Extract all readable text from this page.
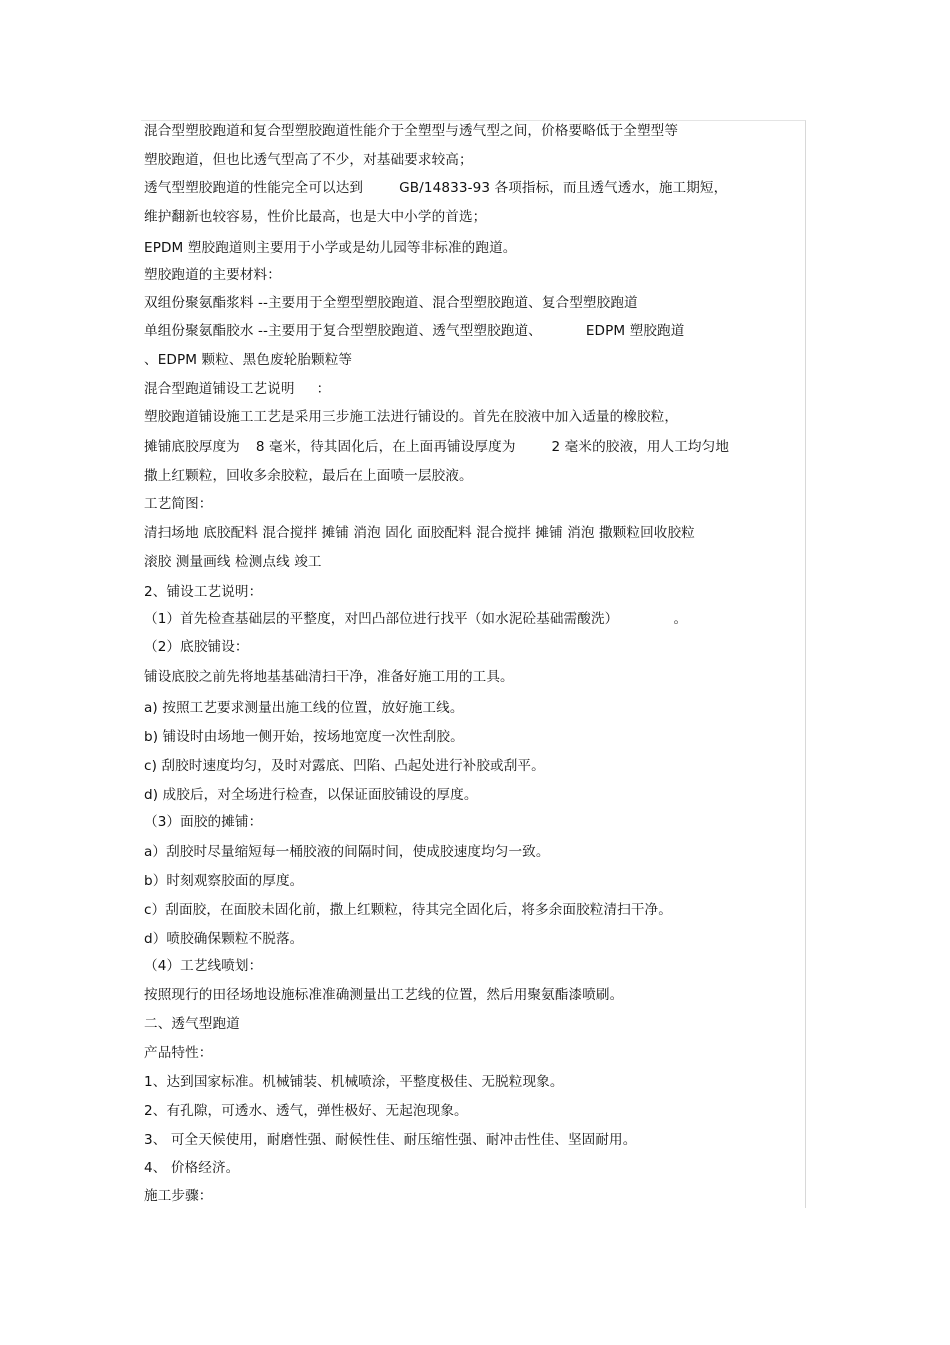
混合型塑胶跑道和复合型塑胶跑道性能介于全塑型与透气型之间，价格要略低于全塑型等
塑胶跑道，但也比透气型高了不少，对基础要求较高；
透气型塑胶跑道的性能完全可以达到	GB/14833-93 各项指标，而且透气透水，施工期短，
维护翻新也较容易，性价比最高，也是大中小学的首选；
EPDM 塑胶跑道则主要用于小学或是幼儿园等非标准的跑道。
塑胶跑道的主要材料：
双组份聚氨酯浆料 --主要用于全塑型塑胶跑道、混合型塑胶跑道、复合型塑胶跑道
单组份聚氨酯胶水 --主要用于复合型塑胶跑道、透气型塑胶跑道、	EDPM 塑胶跑道
、EDPM 颗粒、黑色废轮胎颗粒等
混合型跑道铺设工艺说明 ：
塑胶跑道铺设施工工艺是采用三步施工法进行铺设的。首先在胶液中加入适量的橡胶粒，
摊铺底胶厚度为 8 毫米，待其固化后，在上面再铺设厚度为	2 毫米的胶液，用人工均匀地
撒上红颗粒，回收多余胶粒，最后在上面喷一层胶液。
工艺简图：
清扫场地 底胶配料 混合搅拌 摊铺 消泡 固化 面胶配料 混合搅拌 摊铺 消泡 撒颗粒回收胶粒
滚胶 测量画线 检测点线 竣工
2、铺设工艺说明：
（1）首先检查基础层的平整度，对凹凸部位进行找平（如水泥砼基础需酸洗）	。
（2）底胶铺设：
铺设底胶之前先将地基基础清扫干净，准备好施工用的工具。
a) 按照工艺要求测量出施工线的位置，放好施工线。
b) 铺设时由场地一侧开始，按场地宽度一次性刮胶。
c) 刮胶时速度均匀，及时对露底、凹陷、凸起处进行补胶或刮平。
d) 成胶后，对全场进行检查，以保证面胶铺设的厚度。
（3）面胶的摊铺：
a）刮胶时尽量缩短每一桶胶液的间隔时间，使成胶速度均匀一致。
b）时刻观察胶面的厚度。
c）刮面胶，在面胶未固化前，撒上红颗粒，待其完全固化后，将多余面胶粒清扫干净。
d）喷胶确保颗粒不脱落。
（4）工艺线喷划：
按照现行的田径场地设施标准准确测量出工艺线的位置，然后用聚氨酯漆喷刷。
二、透气型跑道
产品特性：
1、达到国家标准。机械铺装、机械喷涂，平整度极佳、无脱粒现象。
2、有孔隙，可透水、透气，弹性极好、无起泡现象。
3、 可全天候使用，耐磨性强、耐候性佳、耐压缩性强、耐冲击性佳、坚固耐用。
4、 价格经济。
施工步骤：
